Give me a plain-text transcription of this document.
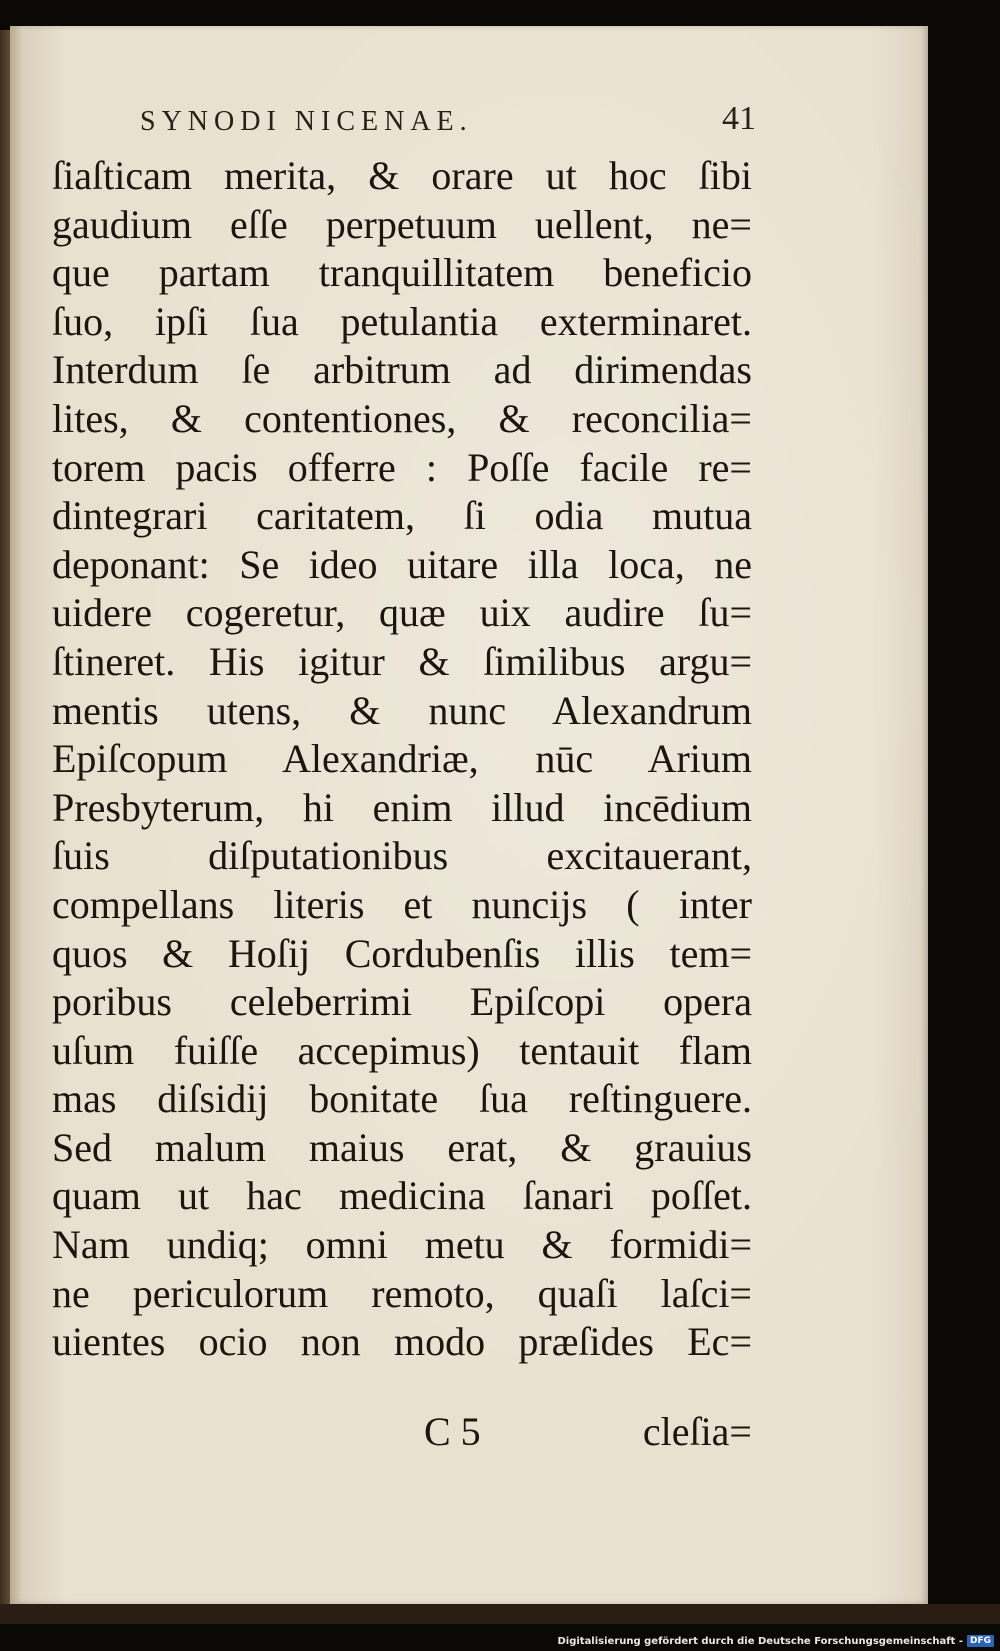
SYNODI NICENAE.	41
ſiaſticam merita, & orare ut hoc ſibi
gaudium eſſe perpetuum uellent, ne=
que partam tranquillitatem beneficio
ſuo, ipſi ſua petulantia exterminaret.
Interdum ſe arbitrum ad dirimendas
lites, & contentiones, & reconcilia=
torem pacis offerre : Poſſe facile re=
dintegrari caritatem, ſi odia mutua
deponant: Se ideo uitare illa loca, ne
uidere cogeretur, quæ uix audire ſu=
ſtineret. His igitur & ſimilibus argu=
mentis utens, & nunc Alexandrum
Epiſcopum Alexandriæ, nūc Arium
Presbyterum, hi enim illud incēdium
ſuis diſputationibus excitauerant,
compellans literis et nuncijs ( inter
quos & Hoſij Cordubenſis illis tem=
poribus celeberrimi Epiſcopi opera
uſum fuiſſe accepimus) tentauit flam
mas diſsidij bonitate ſua reſtinguere.
Sed malum maius erat, & grauius
quam ut hac medicina ſanari poſſet.
Nam undiq; omni metu & formidi=
ne periculorum remoto, quaſi laſci=
uientes ocio non modo præſides Ec=
C 5	cleſia=
Digitalisierung gefördert durch die Deutsche Forschungsgemeinschaft - DFG
